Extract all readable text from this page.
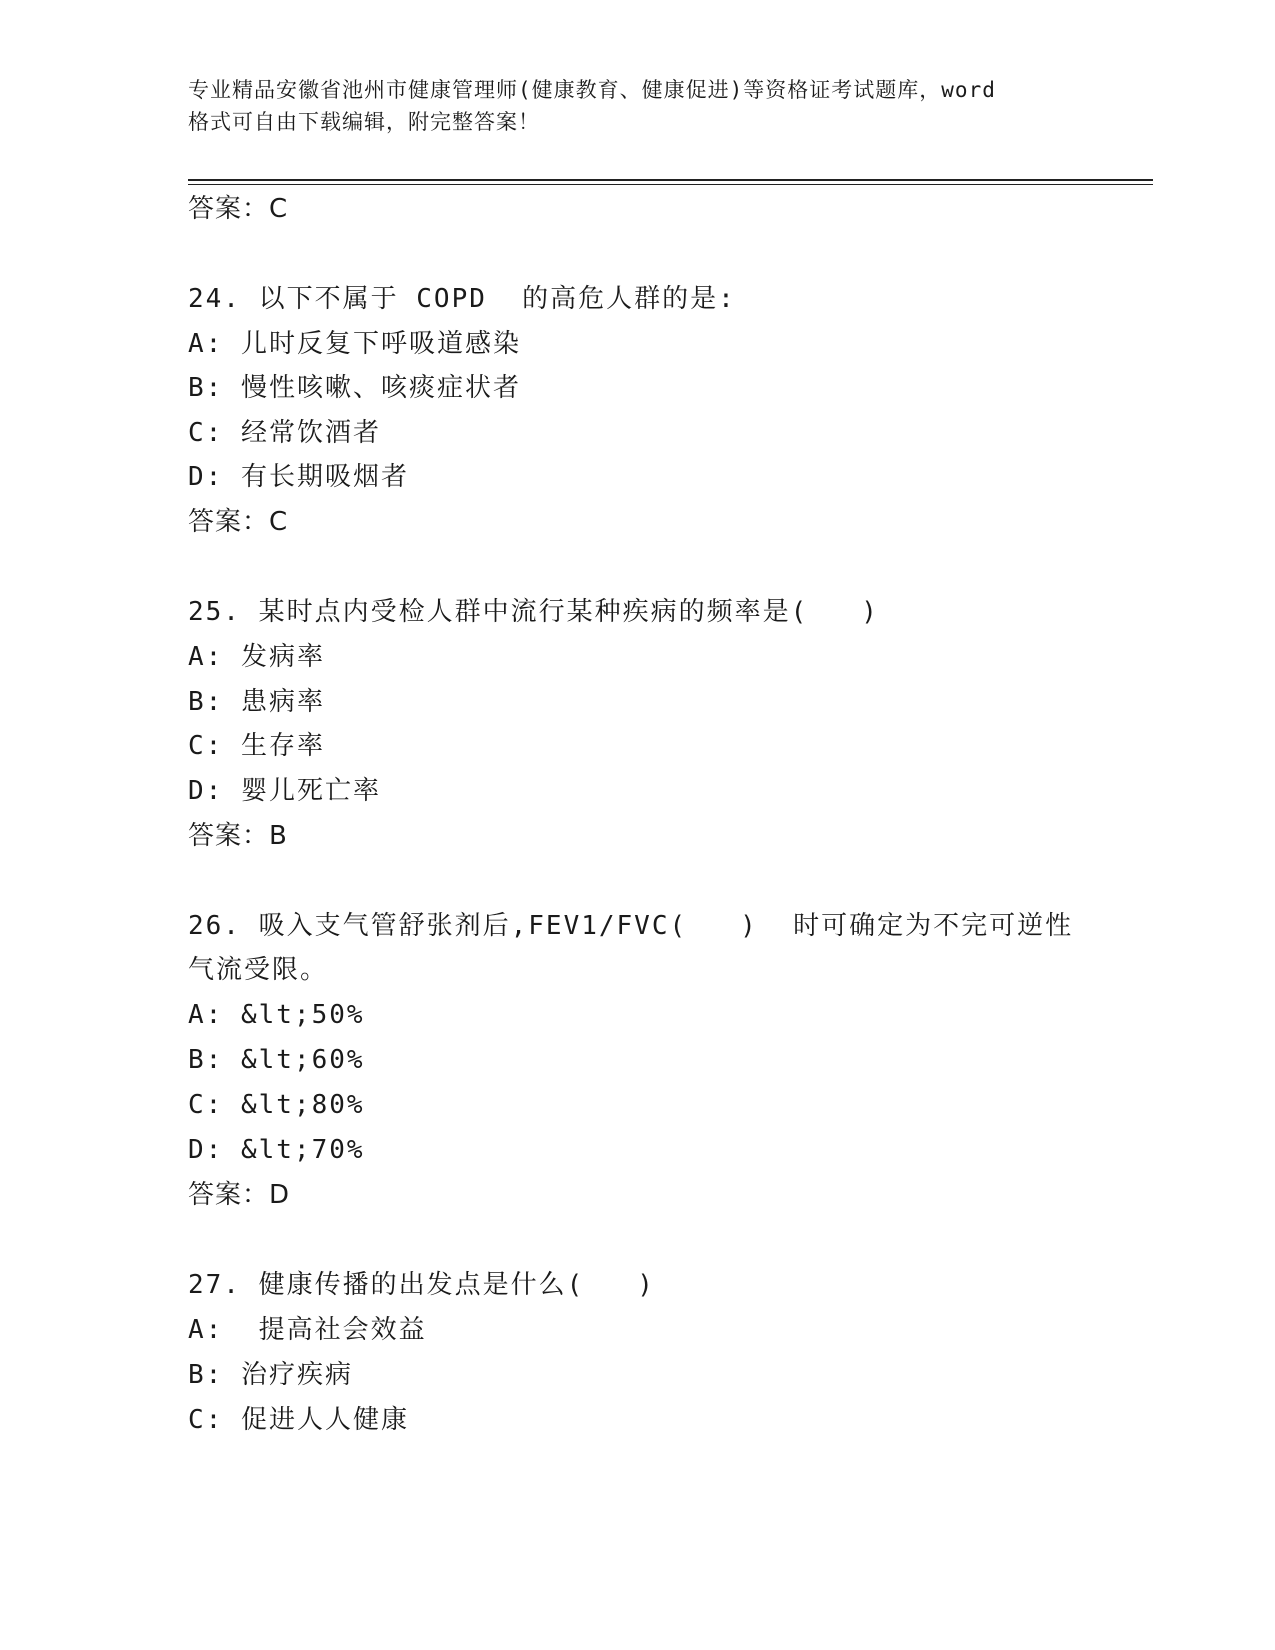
专业精品安徽省池州市健康管理师(健康教育、健康促进)等资格证考试题库，word
格式可自由下载编辑，附完整答案！
答案：C
24. 以下不属于 COPD  的高危人群的是:
A: 儿时反复下呼吸道感染
B: 慢性咳嗽、咳痰症状者
C: 经常饮酒者
D: 有长期吸烟者
答案：C
25. 某时点内受检人群中流行某种疾病的频率是(   )
A: 发病率
B: 患病率
C: 生存率
D: 婴儿死亡率
答案：B
26. 吸入支气管舒张剂后,FEV1/FVC(   )  时可确定为不完可逆性
气流受限。
A: &lt;50%
B: &lt;60%
C: &lt;80%
D: &lt;70%
答案：D
27. 健康传播的出发点是什么(   )
A:  提高社会效益
B: 治疗疾病
C: 促进人人健康
